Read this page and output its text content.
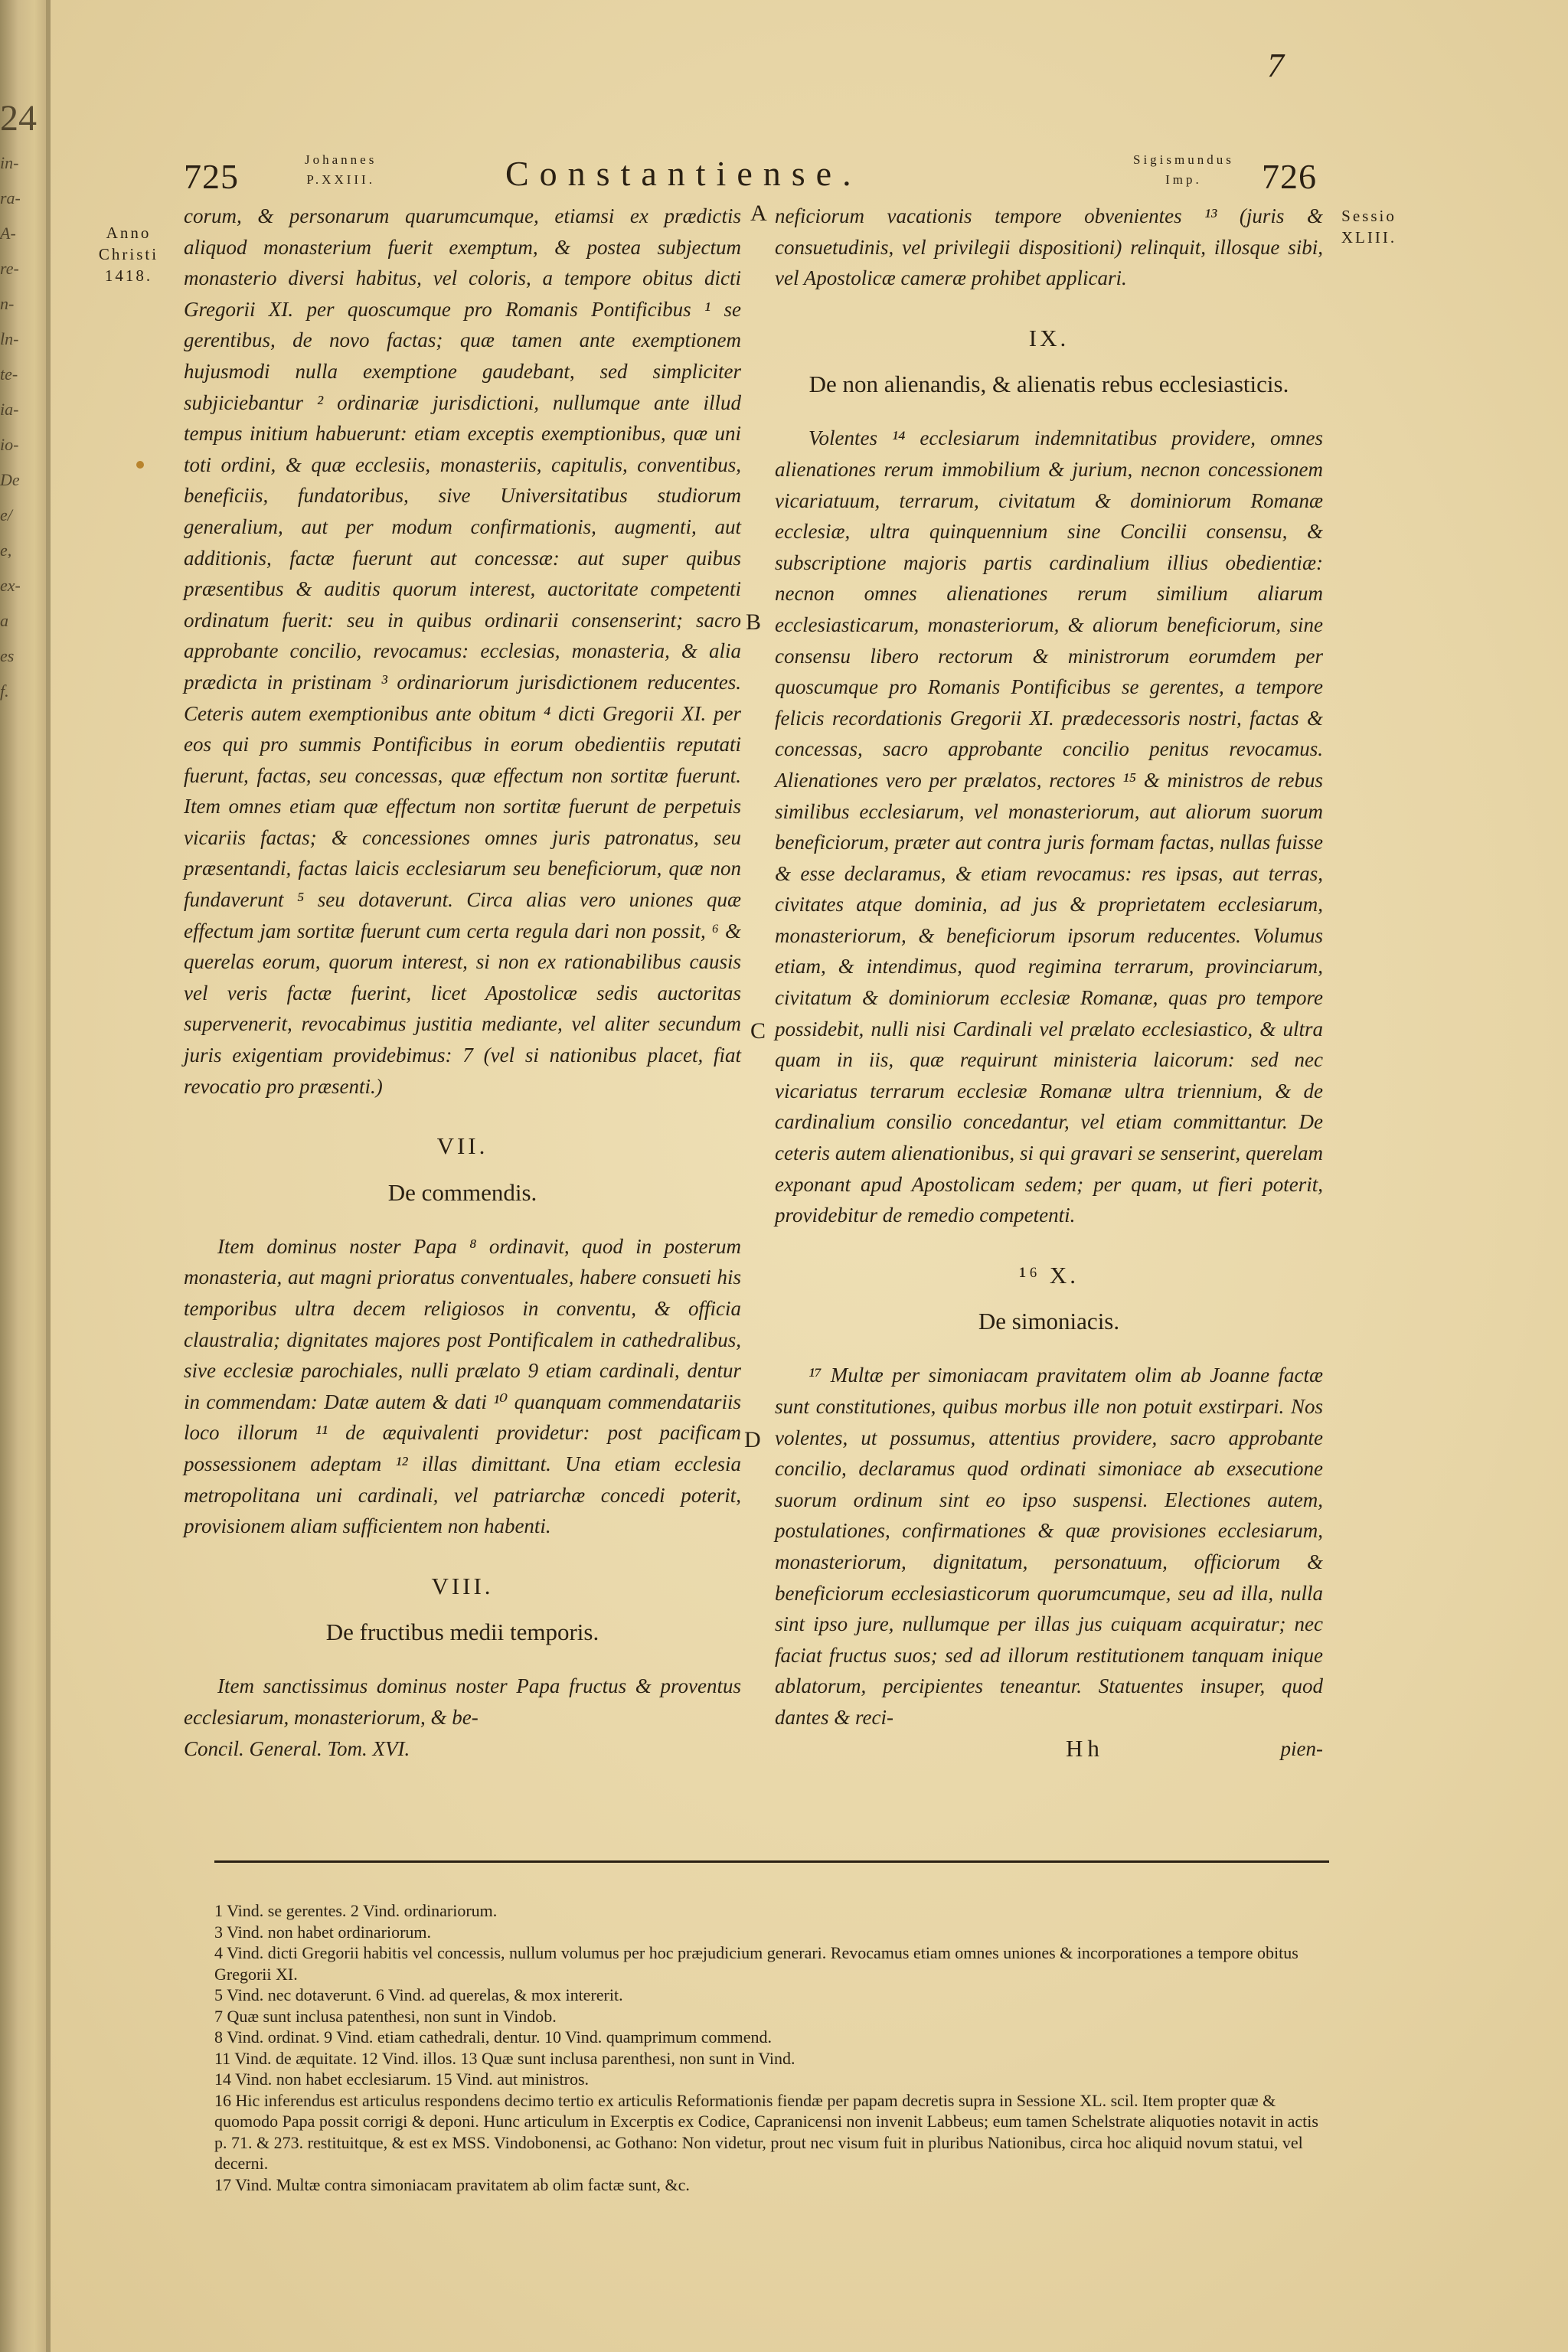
24
in-
ra-
A-
re-
n-
ln-
te-
ia-
io-
De
e/
e,
ex-
a
es
f.
7
725	Johannes
P.XXIII.	Constantiense.	Sigismundus
Imp.	726
Anno
Christi
1418.
Sessio
XLIII.

corum, & personarum quarumcumque, etiamsi ex prædictis aliquod monasterium fuerit exemptum, & postea subjectum monasterio diversi habitus, vel coloris, a tempore obitus dicti Gregorii XI. per quoscumque pro Romanis Pontificibus ¹ se gerentibus, de novo factas; quæ tamen ante exemptionem hujusmodi nulla exemptione gaudebant, sed simpliciter subjiciebantur ² ordinariæ jurisdictioni, nullumque ante illud tempus initium habuerunt: etiam exceptis exemptionibus, quæ uni toti ordini, & quæ ecclesiis, monasteriis, capitulis, conventibus, beneficiis, fundatoribus, sive Universitatibus studiorum generalium, aut per modum confirmationis, augmenti, aut additionis, factæ fuerunt aut concessæ: aut super quibus præsentibus & auditis quorum interest, auctoritate competenti ordinatum fuerit: seu in quibus ordinarii consenserint; sacro approbante concilio, revocamus: ecclesias, monasteria, & alia prædicta in pristinam ³ ordinariorum jurisdictionem reducentes. Ceteris autem exemptionibus ante obitum ⁴ dicti Gregorii XI. per eos qui pro summis Pontificibus in eorum obedientiis reputati fuerunt, factas, seu concessas, quæ effectum non sortitæ fuerunt. Item omnes etiam quæ effectum non sortitæ fuerunt de perpetuis vicariis factas; & concessiones omnes juris patronatus, seu præsentandi, factas laicis ecclesiarum seu beneficiorum, quæ non fundaverunt ⁵ seu dotaverunt. Circa alias vero uniones quæ effectum jam sortitæ fuerunt cum certa regula dari non possit, ⁶ & querelas eorum, quorum interest, si non ex rationabilibus causis vel veris factæ fuerint, licet Apostolicæ sedis auctoritas supervenerit, revocabimus justitia mediante, vel aliter secundum juris exigentiam providebimus: 7 (vel si nationibus placet, fiat revocatio pro præsenti.)

VII.
De commendis.

Item dominus noster Papa ⁸ ordinavit, quod in posterum monasteria, aut magni prioratus conventuales, habere consueti his temporibus ultra decem religiosos in conventu, & officia claustralia; dignitates majores post Pontificalem in cathedralibus, sive ecclesiæ parochiales, nulli prælato 9 etiam cardinali, dentur in commendam: Datæ autem & dati ¹⁰ quanquam commendatariis loco illorum ¹¹ de æquivalenti providetur: post pacificam possessionem adeptam ¹² illas dimittant. Una etiam ecclesia metropolitana uni cardinali, vel patriarchæ concedi poterit, provisionem aliam sufficientem non habenti.

VIII.
De fructibus medii temporis.

Item sanctissimus dominus noster Papa fructus & proventus ecclesiarum, monasteriorum, & be-

Concil. General. Tom. XVI.
A
B
C
D

neficiorum vacationis tempore obvenientes ¹³ (juris & consuetudinis, vel privilegii dispositioni) relinquit, illosque sibi, vel Apostolicæ cameræ prohibet applicari.

IX.
De non alienandis, & alienatis rebus ecclesiasticis.

Volentes ¹⁴ ecclesiarum indemnitatibus providere, omnes alienationes rerum immobilium & jurium, necnon concessionem vicariatuum, terrarum, civitatum & dominiorum Romanæ ecclesiæ, ultra quinquennium sine Concilii consensu, & subscriptione majoris partis cardinalium illius obedientiæ: necnon omnes alienationes rerum similium aliarum ecclesiasticarum, monasteriorum, & aliorum beneficiorum, sine consensu libero rectorum & ministrorum eorumdem per quoscumque pro Romanis Pontificibus se gerentes, a tempore felicis recordationis Gregorii XI. prædecessoris nostri, factas & concessas, sacro approbante concilio penitus revocamus. Alienationes vero per prælatos, rectores ¹⁵ & ministros de rebus similibus ecclesiarum, vel monasteriorum, aut aliorum suorum beneficiorum, præter aut contra juris formam factas, nullas fuisse & esse declaramus, & etiam revocamus: res ipsas, aut terras, civitates atque dominia, ad jus & proprietatem ecclesiarum, monasteriorum, & beneficiorum ipsorum reducentes. Volumus etiam, & intendimus, quod regimina terrarum, provinciarum, civitatum & dominiorum ecclesiæ Romanæ, quas pro tempore possidebit, nulli nisi Cardinali vel prælato ecclesiastico, & ultra quam in iis, quæ requirunt ministeria laicorum: sed nec vicariatus terrarum ecclesiæ Romanæ ultra triennium, & de cardinalium consilio concedantur, vel etiam committantur. De ceteris autem alienationibus, si qui gravari se senserint, querelam exponant apud Apostolicam sedem; per quam, ut fieri poterit, providebitur de remedio competenti.

¹⁶ X.
De simoniacis.

¹⁷ Multæ per simoniacam pravitatem olim ab Joanne factæ sunt constitutiones, quibus morbus ille non potuit exstirpari. Nos volentes, ut possumus, attentius providere, sacro approbante concilio, declaramus quod ordinati simoniace ab exsecutione suorum ordinum sint eo ipso suspensi. Electiones autem, postulationes, confirmationes & quæ provisiones ecclesiarum, monasteriorum, dignitatum, personatuum, officiorum & beneficiorum ecclesiasticorum quorumcumque, seu ad illa, nulla sint ipso jure, nullumque per illas jus cuiquam acquiratur; nec faciat fructus suos; sed ad illorum restitutionem tanquam inique ablatorum, percipientes teneantur. Statuentes insuper, quod dantes & reci-

Hh	pien-
1 Vind. se gerentes. 2 Vind. ordinariorum.
3 Vind. non habet ordinariorum.
4 Vind. dicti Gregorii habitis vel concessis, nullum volumus per hoc præjudicium generari. Revocamus etiam omnes uniones & incorporationes a tempore obitus Gregorii XI.
5 Vind. nec dotaverunt. 6 Vind. ad querelas, & mox intererit.
7 Quæ sunt inclusa patenthesi, non sunt in Vindob.
8 Vind. ordinat. 9 Vind. etiam cathedrali, dentur. 10 Vind. quamprimum commend.
11 Vind. de æquitate. 12 Vind. illos. 13 Quæ sunt inclusa parenthesi, non sunt in Vind.
14 Vind. non habet ecclesiarum. 15 Vind. aut ministros.
16 Hic inferendus est articulus respondens decimo tertio ex articulis Reformationis fiendæ per papam decretis supra in Sessione XL. scil. Item propter quæ & quomodo Papa possit corrigi & deponi. Hunc articulum in Excerptis ex Codice, Capranicensi non invenit Labbeus; eum tamen Schelstrate aliquoties notavit in actis p. 71. & 273. restituitque, & est ex MSS. Vindobonensi, ac Gothano: Non videtur, prout nec visum fuit in pluribus Nationibus, circa hoc aliquid novum statui, vel decerni.
17 Vind. Multæ contra simoniacam pravitatem ab olim factæ sunt, &c.
